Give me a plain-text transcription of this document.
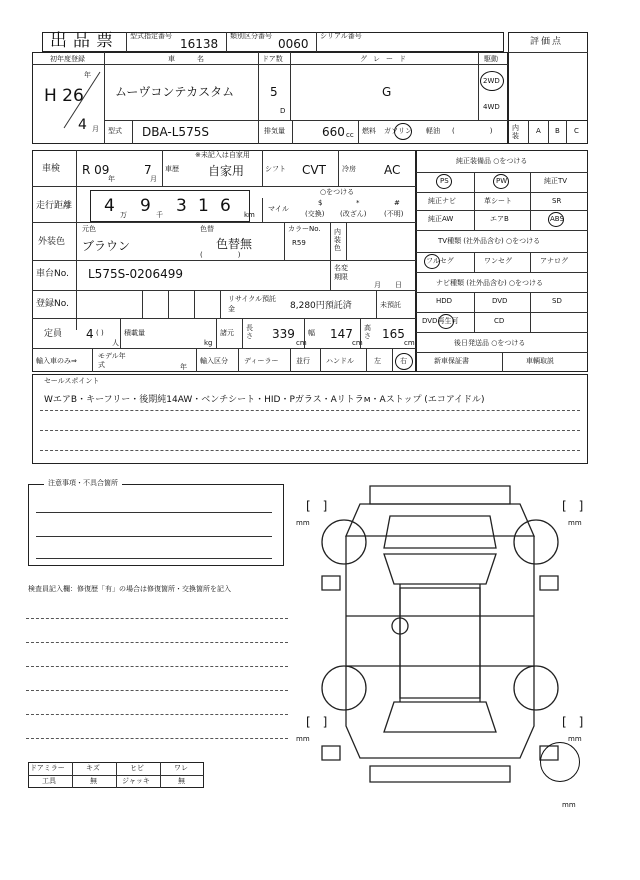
出品票 型式指定番号
16138
類別区分番号
0060
シリアル番号
評価点
初年度登録
年
H 26
4 月
車名
ムーヴコンテカスタム
ドア数
5
D
グレード
G
駆動
2WD
4WD
型式 DBA-L575S	排気量	660 cc 燃料 ガソリン 軽油 (　　　　　)	内装
A B C
車検 R 09
年
7
月
車歴
※未記入は自家用
自家用	シフト CVT 冷房 AC
走行距離 4 万 9 千 3 1 6 km
○をつける
マイル
$
(交換)
*
(改ざん)
#
(不明)
外装色
元色
ブラウン
色替
色替無
(　　　　　)
カラーNo.
R59
内装色
車台No. L575S-0206499	名変期限
月　　日
登録No.	リサイクル預託金	8,280円預託済	未預託
定員 4 ( )
人
積載量
kg
諸元
長さ 339
cm
幅 147
cm
高さ 165
cm
輸入車のみ⇒
モデル年式	年
輸入区分 ディーラー	並行 ハンドル	左	右
純正装備品 ○をつける
PS	PW	純正TV
純正ナビ	革シート	SR
純正AW	エアB	ABS
TV種類 (社外品含む) ○をつける
フルセグ	ワンセグ	アナログ
ナビ種類 (社外品含む) ○をつける
HDD	DVD	SD
DVD再生可	CD
後日発送品 ○をつける
新車保証書	車輌取説
セールスポイント
WエアB・キーフリー・後期純14AW・ベンチシート・HID・Pガラス・Aリトラм・Aストップ (エコアイドル)
注意事項・不具合箇所
検査員記入欄：修復歴「有」の場合は修復箇所・交換箇所を記入
ドアミラー	キズ	ヒビ	ワレ
工具	無	ジャッキ	無
[　]
mm
[　]
mm
[　]
mm
[　]
mm
mm
